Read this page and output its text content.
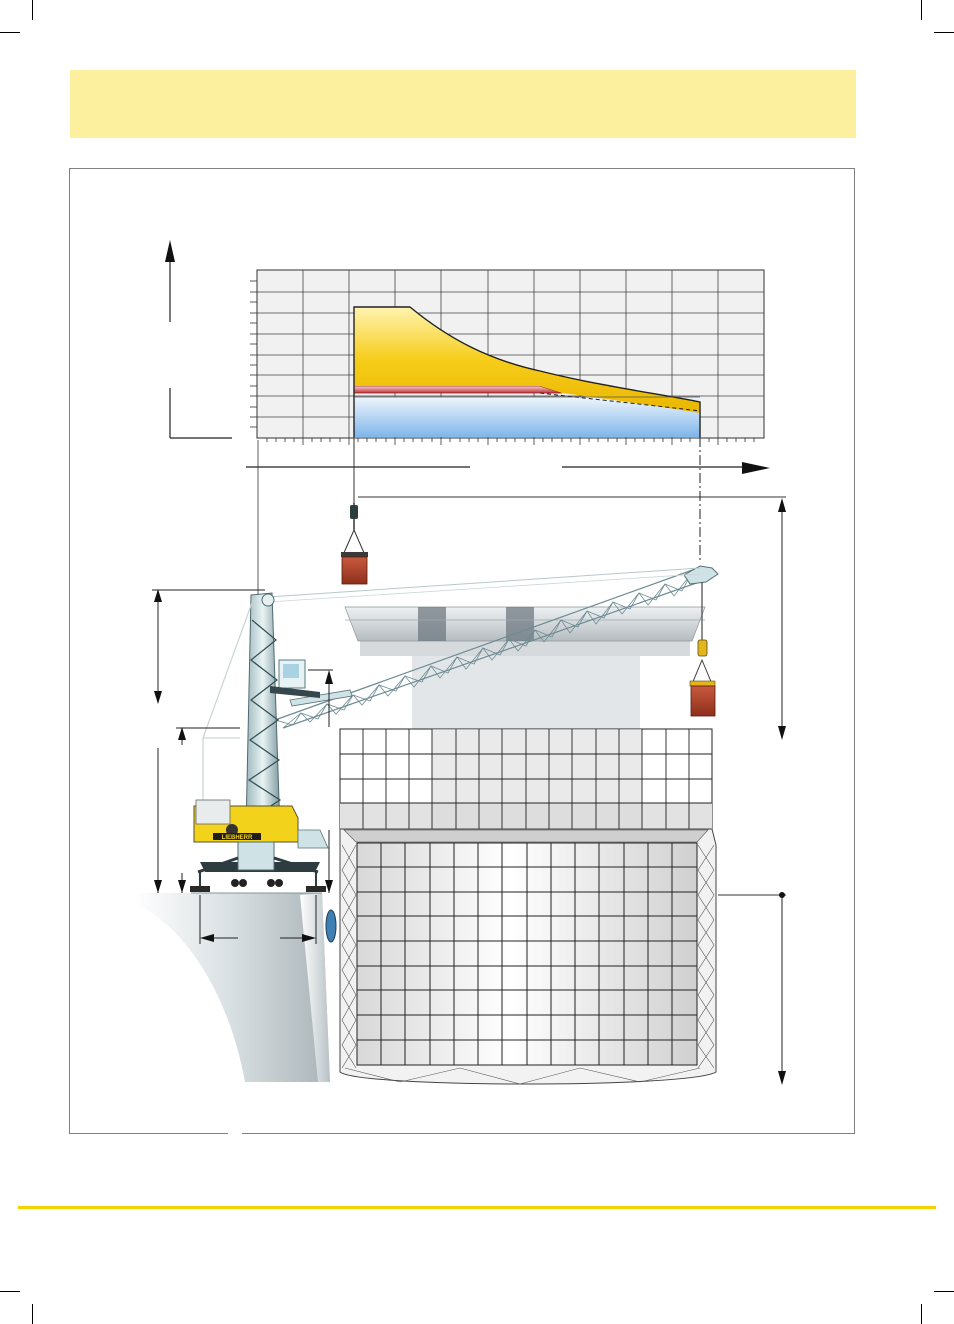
LIEBHERR
